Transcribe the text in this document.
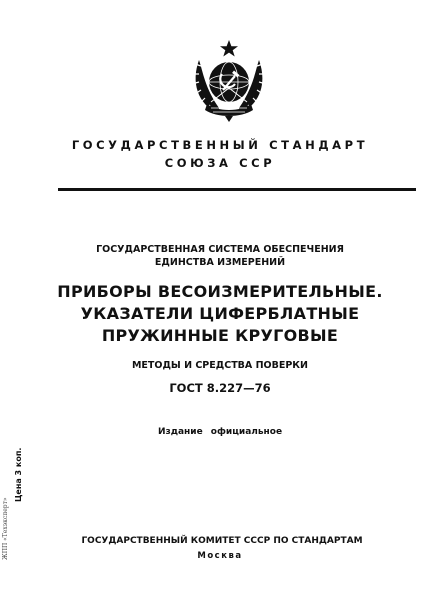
ГОСУДАРСТВЕННЫЙ СТАНДАРТ
СОЮЗА ССР
ГОСУДАРСТВЕННАЯ СИСТЕМА ОБЕСПЕЧЕНИЯ
ЕДИНСТВА ИЗМЕРЕНИЙ
ПРИБОРЫ ВЕСОИЗМЕРИТЕЛЬНЫЕ.
УКАЗАТЕЛИ ЦИФЕРБЛАТНЫЕ
ПРУЖИННЫЕ КРУГОВЫЕ
МЕТОДЫ И СРЕДСТВА ПОВЕРКИ
ГОСТ 8.227—76
Издание официальное
Цена 3 коп.
ЖПП «Техэксперт»	ГОСУДАРСТВЕННЫЙ КОМИТЕТ СССР ПО СТАНДАРТАМ
Москва
